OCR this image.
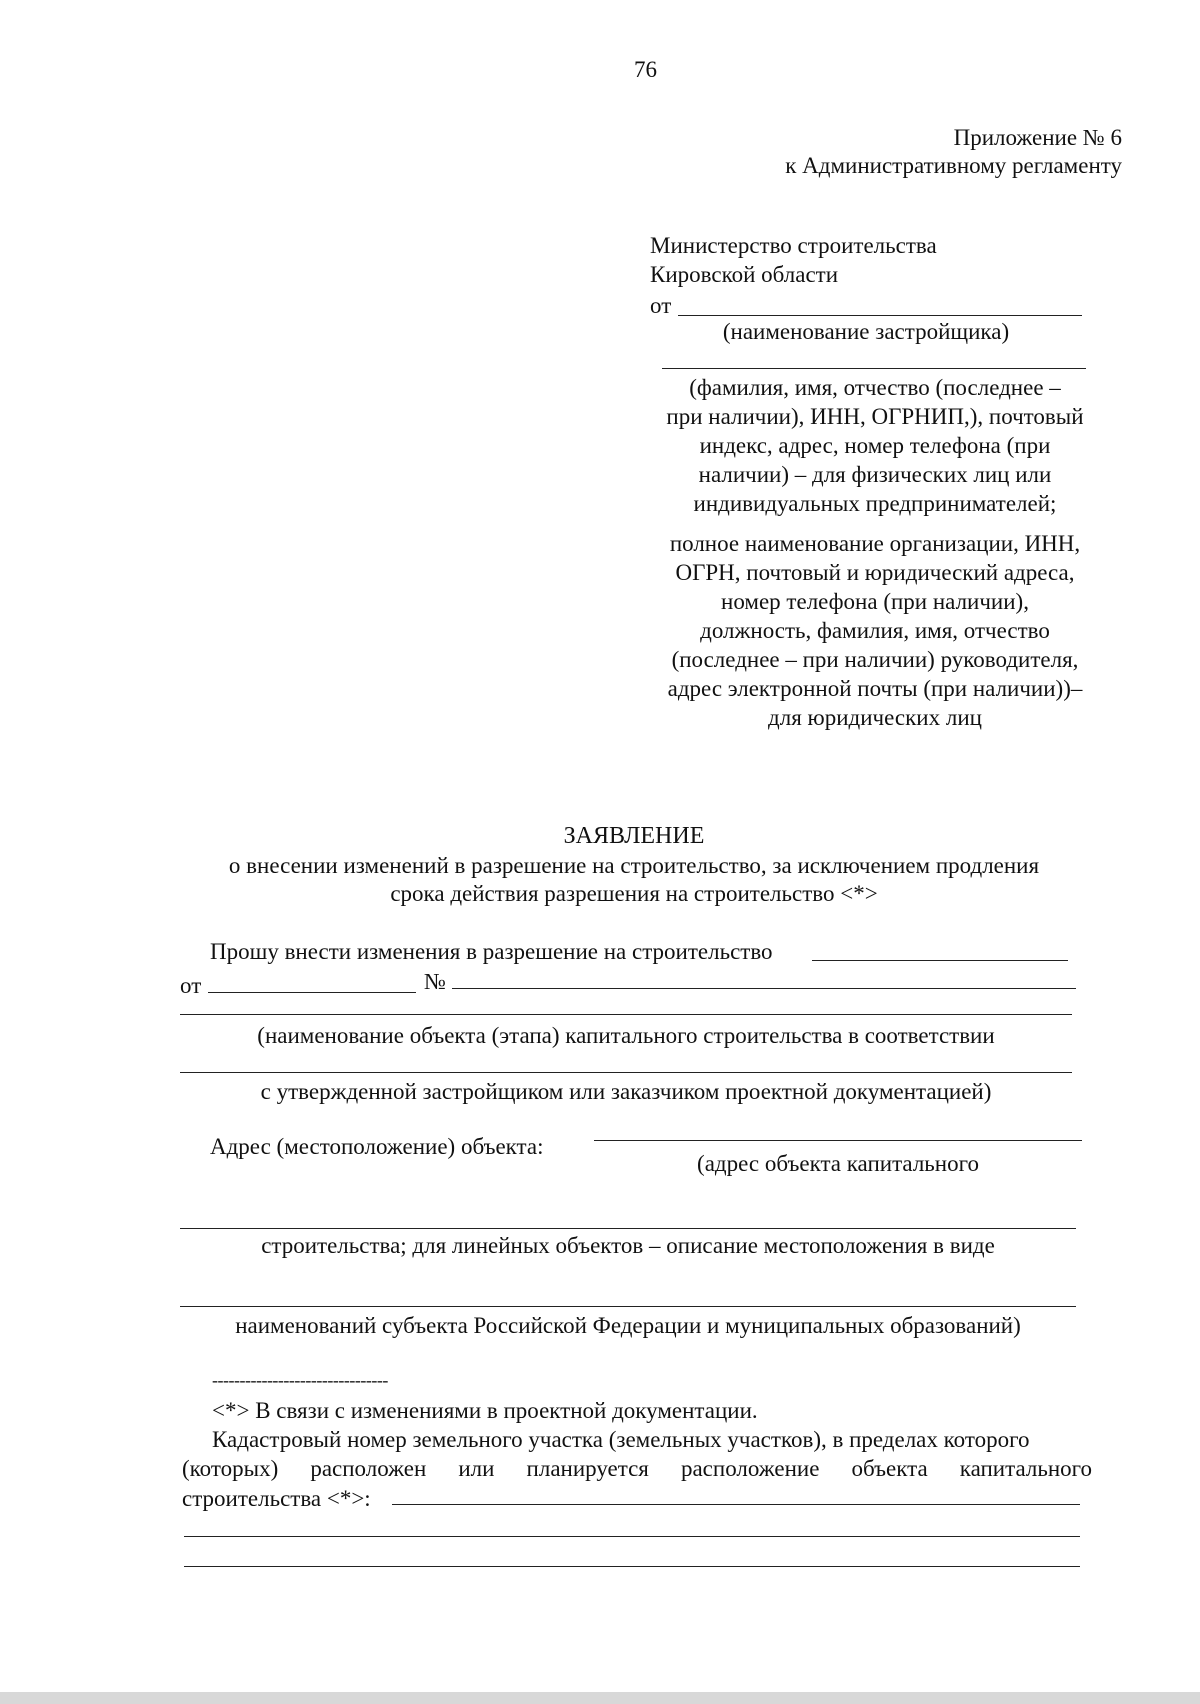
76
Приложение № 6
к Административному регламенту
Министерство строительства
Кировской области
от
(наименование застройщика)
(фамилия, имя, отчество (последнее –
при наличии), ИНН, ОГРНИП,), почтовый
индекс, адрес, номер телефона (при
наличии) – для физических лиц или
индивидуальных предпринимателей;
полное наименование организации, ИНН,
ОГРН, почтовый и юридический адреса,
номер телефона (при наличии),
должность, фамилия, имя, отчество
(последнее – при наличии) руководителя,
адрес электронной почты (при наличии))–
для юридических лиц
ЗАЯВЛЕНИЕ
о внесении изменений в разрешение на строительство, за исключением продления
срока действия разрешения на строительство <*>
Прошу внести изменения в разрешение на строительство
от	№
(наименование объекта (этапа) капитального строительства в соответствии
с утвержденной застройщиком или заказчиком проектной документацией)
Адрес (местоположение) объекта:
(адрес объекта капитального
строительства; для линейных объектов – описание местоположения в виде
наименований субъекта Российской Федерации и муниципальных образований)
--------------------------------
<*> В связи с изменениями в проектной документации.
Кадастровый номер земельного участка (земельных участков), в пределах которого
(которых) расположен или планируется расположение объекта капитального
строительства <*>:
